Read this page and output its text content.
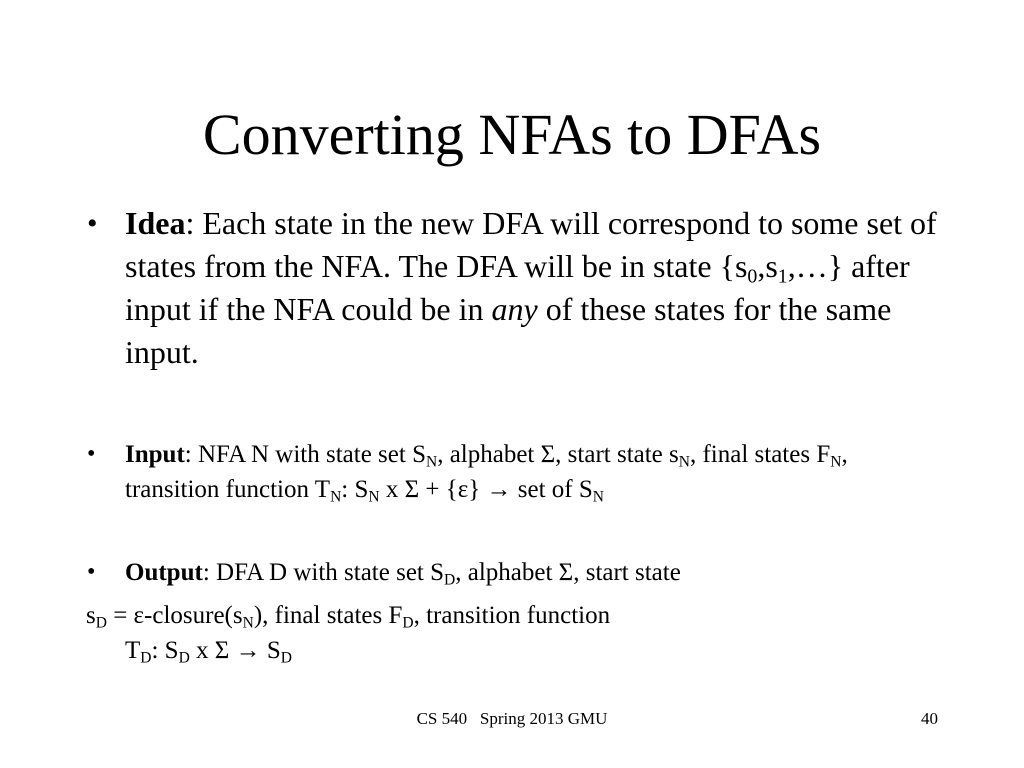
Converting NFAs to DFAs
• Idea: Each state in the new DFA will correspond to some set of states from the NFA. The DFA will be in state $\{s_0,s_1,\dots\}$ after input if the NFA could be in any of these states for the same input.
• Input: NFA N with state set $S_N$, alphabet Σ, start state $s_N$, final states $F_N$, transition function $T_N$: $S_N$ x Σ + {ε} → set of $S_N$
• Output: DFA D with state set $S_D$, alphabet Σ, start state
$s_D$ = $\varepsilon-closure(s_N)$, final states $F_D$, transition function
$T_D$: $S_D$ x $\Sigma \to S_D$
CS 540   Spring 2013 GMU	40
